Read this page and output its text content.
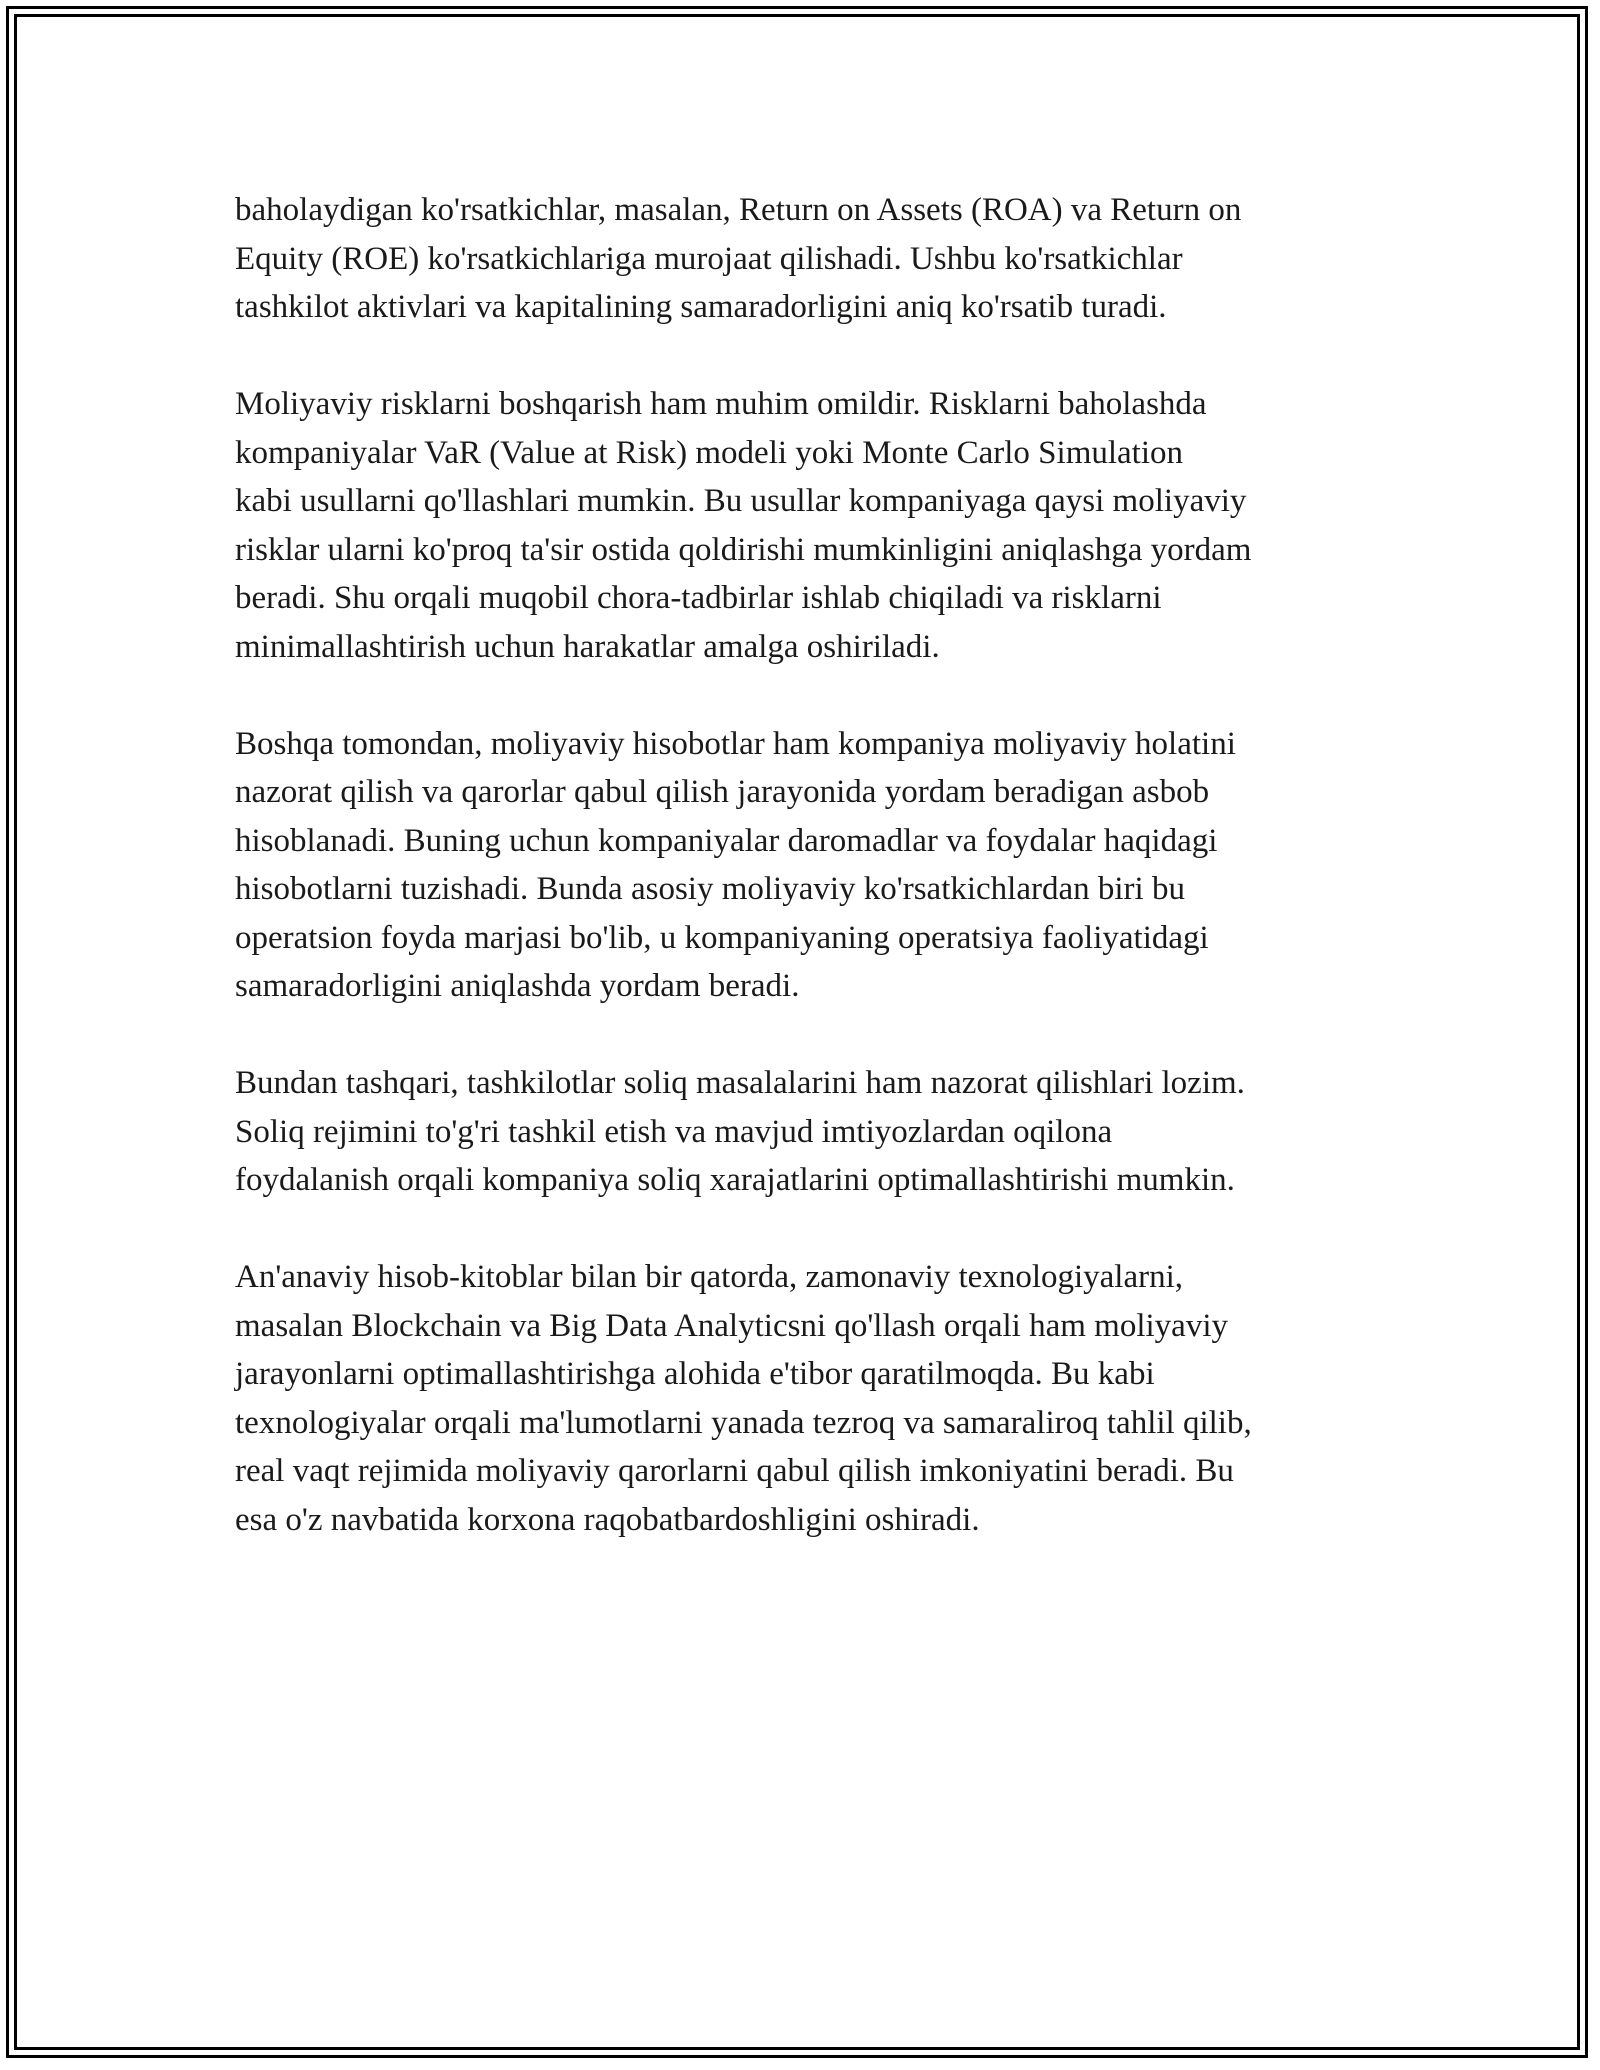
baholaydigan ko'rsatkichlar, masalan, Return on Assets (ROA) va Return on
Equity (ROE) ko'rsatkichlariga murojaat qilishadi. Ushbu ko'rsatkichlar
tashkilot aktivlari va kapitalining samaradorligini aniq ko'rsatib turadi.

Moliyaviy risklarni boshqarish ham muhim omildir. Risklarni baholashda
kompaniyalar VaR (Value at Risk) modeli yoki Monte Carlo Simulation
kabi usullarni qo'llashlari mumkin. Bu usullar kompaniyaga qaysi moliyaviy
risklar ularni ko'proq ta'sir ostida qoldirishi mumkinligini aniqlashga yordam
beradi. Shu orqali muqobil chora-tadbirlar ishlab chiqiladi va risklarni
minimallashtirish uchun harakatlar amalga oshiriladi.

Boshqa tomondan, moliyaviy hisobotlar ham kompaniya moliyaviy holatini
nazorat qilish va qarorlar qabul qilish jarayonida yordam beradigan asbob
hisoblanadi. Buning uchun kompaniyalar daromadlar va foydalar haqidagi
hisobotlarni tuzishadi. Bunda asosiy moliyaviy ko'rsatkichlardan biri bu
operatsion foyda marjasi bo'lib, u kompaniyaning operatsiya faoliyatidagi
samaradorligini aniqlashda yordam beradi.

Bundan tashqari, tashkilotlar soliq masalalarini ham nazorat qilishlari lozim.
Soliq rejimini to'g'ri tashkil etish va mavjud imtiyozlardan oqilona
foydalanish orqali kompaniya soliq xarajatlarini optimallashtirishi mumkin.

An'anaviy hisob-kitoblar bilan bir qatorda, zamonaviy texnologiyalarni,
masalan Blockchain va Big Data Analyticsni qo'llash orqali ham moliyaviy
jarayonlarni optimallashtirishga alohida e'tibor qaratilmoqda. Bu kabi
texnologiyalar orqali ma'lumotlarni yanada tezroq va samaraliroq tahlil qilib,
real vaqt rejimida moliyaviy qarorlarni qabul qilish imkoniyatini beradi. Bu
esa o'z navbatida korxona raqobatbardoshligini oshiradi.
